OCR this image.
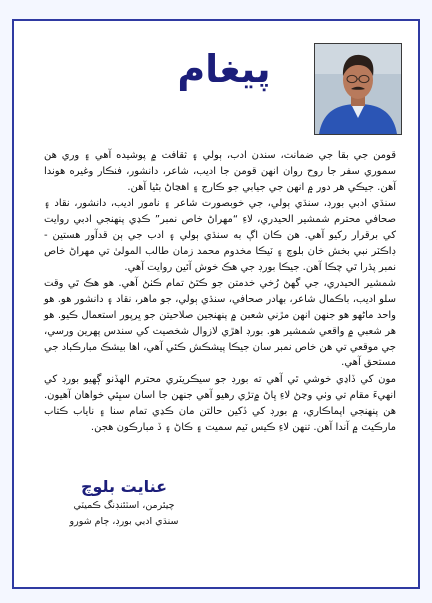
پيغام

قومن جي بقا جي ضمانت، سندن ادب، ٻولي ۽ ثقافت ۾ پوشيده آهي ۽ وري هن سموري سفر جا روح روان انهن قومن جا اديب، شاعر، دانشور، فنڪار وغيره هوندا آهن. جيڪي هر دور ۾ انهن جي جيابي جو ڪارج ۽ اهڃاڻ بڻيا آهن.

سنڌي ادبي بورڊ، سنڌي ٻولي، جي خوبصورت شاعر ۽ نامور اديب، دانشور، نقاد ۽ صحافي محترم شمشير الحيدري، لاءِ “مهراڻ خاص نمبر” ڪڍي پنهنجي ادبي روايت کي برقرار رکيو آهي. هن ڪان اڳ به سنڌي ٻولي ۽ ادب جي ٻن قدآور هستين - ڊاڪٽر نبي بخش خان بلوچ ۽ ٽيڪا مخدوم محمد زمان طالب المولیٰ تي مهراڻ خاص نمبر پڌرا ٿي چڪا آهن. جيڪا بورڊ جي هڪ خوش آئين روايت آهي.

شمشير الحيدري، جي گهڻ رُخي خدمتن جو ڪٿڻ تمام ڪٺڻ آهي. هو هڪ ٿي وقت سلو اديب، باڪمال شاعر، بهادر صحافي، سنڌي ٻولي، جو ماهر، نقاد ۽ دانشور هو. هو واحد ماڻهو هو جنهن انهن مڙني شعبن ۾ پنهنجين صلاحيتن جو ڀرپور استعمال ڪيو. هو هر شعبي ۾ واقعي شمشير هو. بورڊ اهڙي لازوال شخصيت کي سندس پهرين ورسي، جي موقعي تي هن خاص نمبر سان جيڪا پيشڪش ڪئي آهي، اها بيشڪ مبارڪباد جي مستحق آهي.

مون کي ڏاڍي خوشي ٿي آهي ته بورڊ جو سيڪريٽري محترم الهڏنو ڳهيو بورڊ کي انهيءَ مقام تي وٺي وڃڻ لاءِ ڀاڻ ۾تڙي رهيو آهي جنهن جا اسان سڀئي خواهان آهيون. هن پنهنجي اپماڪاري، ۾ بورڊ کي ڏکين حالتن مان ڪڍي تمام سنا ۽ ناياب ڪتاب مارڪيٽ ۾ آندا آهن. تنهن لاءِ ڪيس ٽيم سميت ۽ ڪاڻ ۽ ڏ مبارڪون هجن.

عنايت بلوچ
چيئرمن، اسٽئنڊنگ ڪميٽي
سنڌي ادبي بورڊ، ڄام شورو
